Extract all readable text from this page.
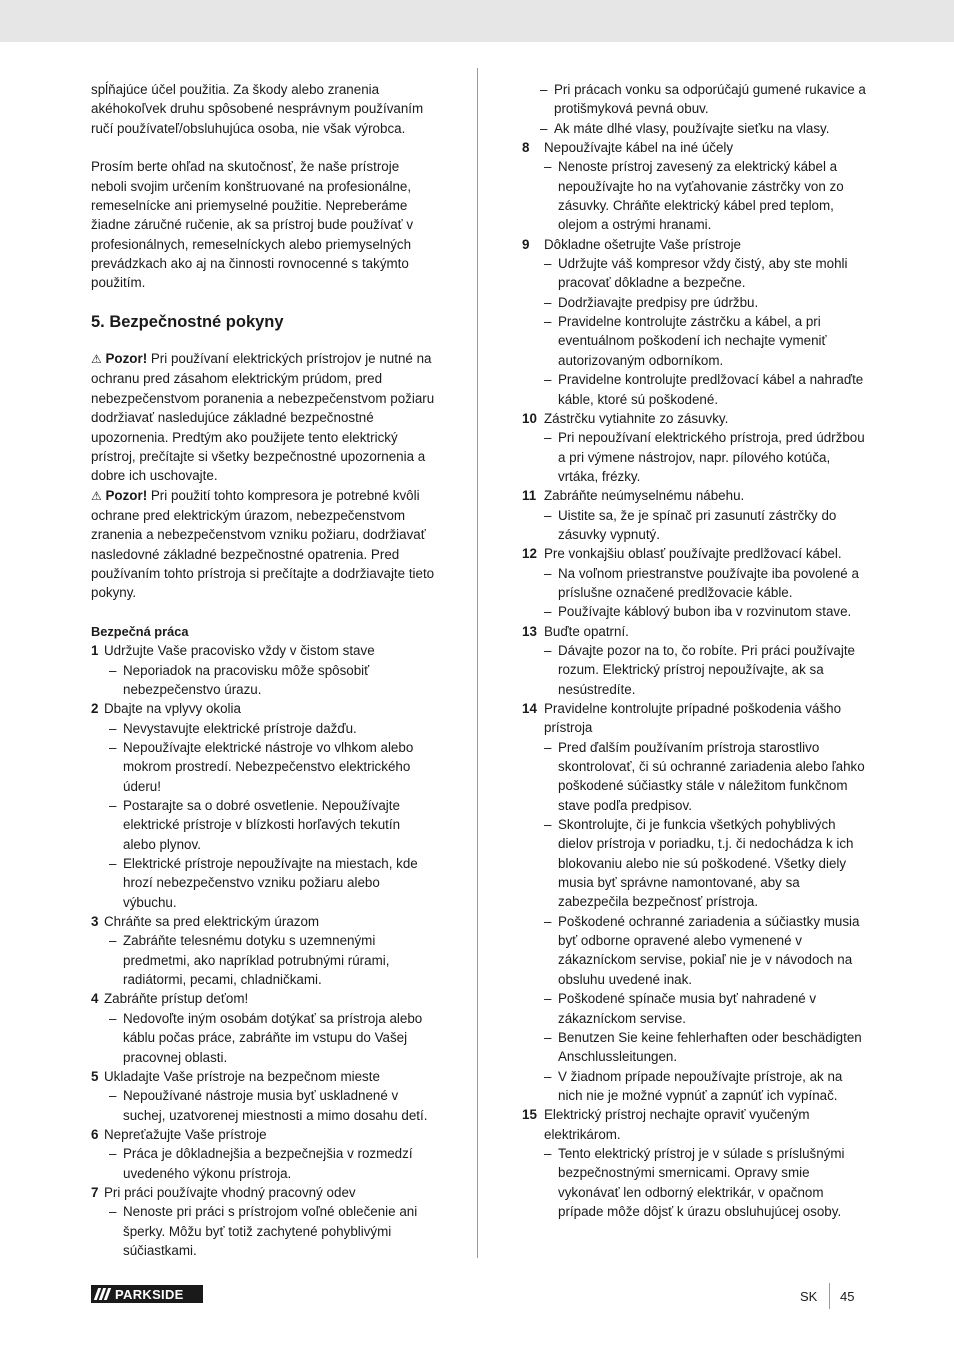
spĺňajúce účel použitia. Za škody alebo zranenia akéhokoľvek druhu spôsobené nesprávnym používaním ručí používateľ/obsluhujúca osoba, nie však výrobca.

Prosím berte ohľad na skutočnosť, že naše prístroje neboli svojim určením konštruované na profesionálne, remeselnícke ani priemyselné použitie. Nepreberáme žiadne záručné ručenie, ak sa prístroj bude používať v profesionálnych, remeselníckych alebo priemyselných prevádzkach ako aj na činnosti rovnocenné s takýmto použitím.

5. Bezpečnostné pokyny

⚠ Pozor! Pri používaní elektrických prístrojov je nutné na ochranu pred zásahom elektrickým prúdom, pred nebezpečenstvom poranenia a nebezpečenstvom požiaru dodržiavať nasledujúce základné bezpečnostné upozornenia. Predtým ako použijete tento elektrický prístroj, prečítajte si všetky bezpečnostné upozornenia a dobre ich uschovajte.

⚠ Pozor! Pri použití tohto kompresora je potrebné kvôli ochrane pred elektrickým úrazom, nebezpečenstvom zranenia a nebezpečenstvom vzniku požiaru, dodržiavať nasledovné základné bezpečnostné opatrenia. Pred používaním tohto prístroja si prečítajte a dodržiavajte tieto pokyny.

Bezpečná práca
1 Udržujte Vaše pracovisko vždy v čistom stave
– Neporiadok na pracovisku môže spôsobiť nebezpečenstvo úrazu.
2 Dbajte na vplyvy okolia
– Nevystavujte elektrické prístroje dažďu.
– Nepoužívajte elektrické nástroje vo vlhkom alebo mokrom prostredí. Nebezpečenstvo elektrického úderu!
– Postarajte sa o dobré osvetlenie. Nepoužívajte elektrické prístroje v blízkosti horľavých tekutín alebo plynov.
– Elektrické prístroje nepoužívajte na miestach, kde hrozí nebezpečenstvo vzniku požiaru alebo výbuchu.
3 Chráňte sa pred elektrickým úrazom
– Zabráňte telesnému dotyku s uzemnenými predmetmi, ako napríklad potrubnými rúrami, radiátormi, pecami, chladničkami.
4 Zabráňte prístup deťom!
– Nedovoľte iným osobám dotýkať sa prístroja alebo káblu počas práce, zabráňte im vstupu do Vašej pracovnej oblasti.
5 Ukladajte Vaše prístroje na bezpečnom mieste
– Nepoužívané nástroje musia byť uskladnené v suchej, uzatvorenej miestnosti a mimo dosahu detí.
6 Nepreťažujte Vaše prístroje
– Práca je dôkladnejšia a bezpečnejšia v rozmedzí uvedeného výkonu prístroja.
7 Pri práci používajte vhodný pracovný odev
– Nenoste pri práci s prístrojom voľné oblečenie ani šperky. Môžu byť totiž zachytené pohyblivými súčiastkami.
– Pri prácach vonku sa odporúčajú gumené rukavice a protišmyková pevná obuv.
– Ak máte dlhé vlasy, používajte sieťku na vlasy.
8	Nepoužívajte kábel na iné účely
– Nenoste prístroj zavesený za elektrický kábel a nepoužívajte ho na vyťahovanie zástrčky von zo zásuvky. Chráňte elektrický kábel pred teplom, olejom a ostrými hranami.
9	Dôkladne ošetrujte Vaše prístroje
– Udržujte váš kompresor vždy čistý, aby ste mohli pracovať dôkladne a bezpečne.
– Dodržiavajte predpisy pre údržbu.
– Pravidelne kontrolujte zástrčku a kábel, a pri eventuálnom poškodení ich nechajte vymeniť autorizovaným odborníkom.
– Pravidelne kontrolujte predlžovací kábel a nahraďte káble, ktoré sú poškodené.
10 Zástrčku vytiahnite zo zásuvky.
– Pri nepoužívaní elektrického prístroja, pred údržbou a pri výmene nástrojov, napr. pílového kotúča, vrtáka, frézky.
11 Zabráňte neúmyselnému nábehu.
– Uistite sa, že je spínač pri zasunutí zástrčky do zásuvky vypnutý.
12 Pre vonkajšiu oblasť používajte predlžovací kábel.
– Na voľnom priestranstve používajte iba povolené a príslušne označené predlžovacie káble.
– Používajte káblový bubon iba v rozvinutom stave.
13 Buďte opatrní.
– Dávajte pozor na to, čo robíte. Pri práci používajte rozum. Elektrický prístroj nepoužívajte, ak sa nesústredíte.
14 Pravidelne kontrolujte prípadné poškodenia vášho prístroja
– Pred ďalším používaním prístroja starostlivo skontrolovať, či sú ochranné zariadenia alebo ľahko poškodené súčiastky stále v náležitom funkčnom stave podľa predpisov.
– Skontrolujte, či je funkcia všetkých pohyblivých dielov prístroja v poriadku, t.j. či nedochádza k ich blokovaniu alebo nie sú poškodené. Všetky diely musia byť správne namontované, aby sa zabezpečila bezpečnosť prístroja.
– Poškodené ochranné zariadenia a súčiastky musia byť odborne opravené alebo vymenené v zákazníckom servise, pokiaľ nie je v návodoch na obsluhu uvedené inak.
– Poškodené spínače musia byť nahradené v zákazníckom servise.
– Benutzen Sie keine fehlerhaften oder beschädigten Anschlussleitungen.
– V žiadnom prípade nepoužívajte prístroje, ak na nich nie je možné vypnúť a zapnúť ich vypínač.
15 Elektrický prístroj nechajte opraviť vyučeným elektrikárom.
– Tento elektrický prístroj je v súlade s príslušnými bezpečnostnými smernicami. Opravy smie vykonávať len odborný elektrikár, v opačnom prípade môže dôjsť k úrazu obsluhujúcej osoby.
PARKSIDE	SK 45
